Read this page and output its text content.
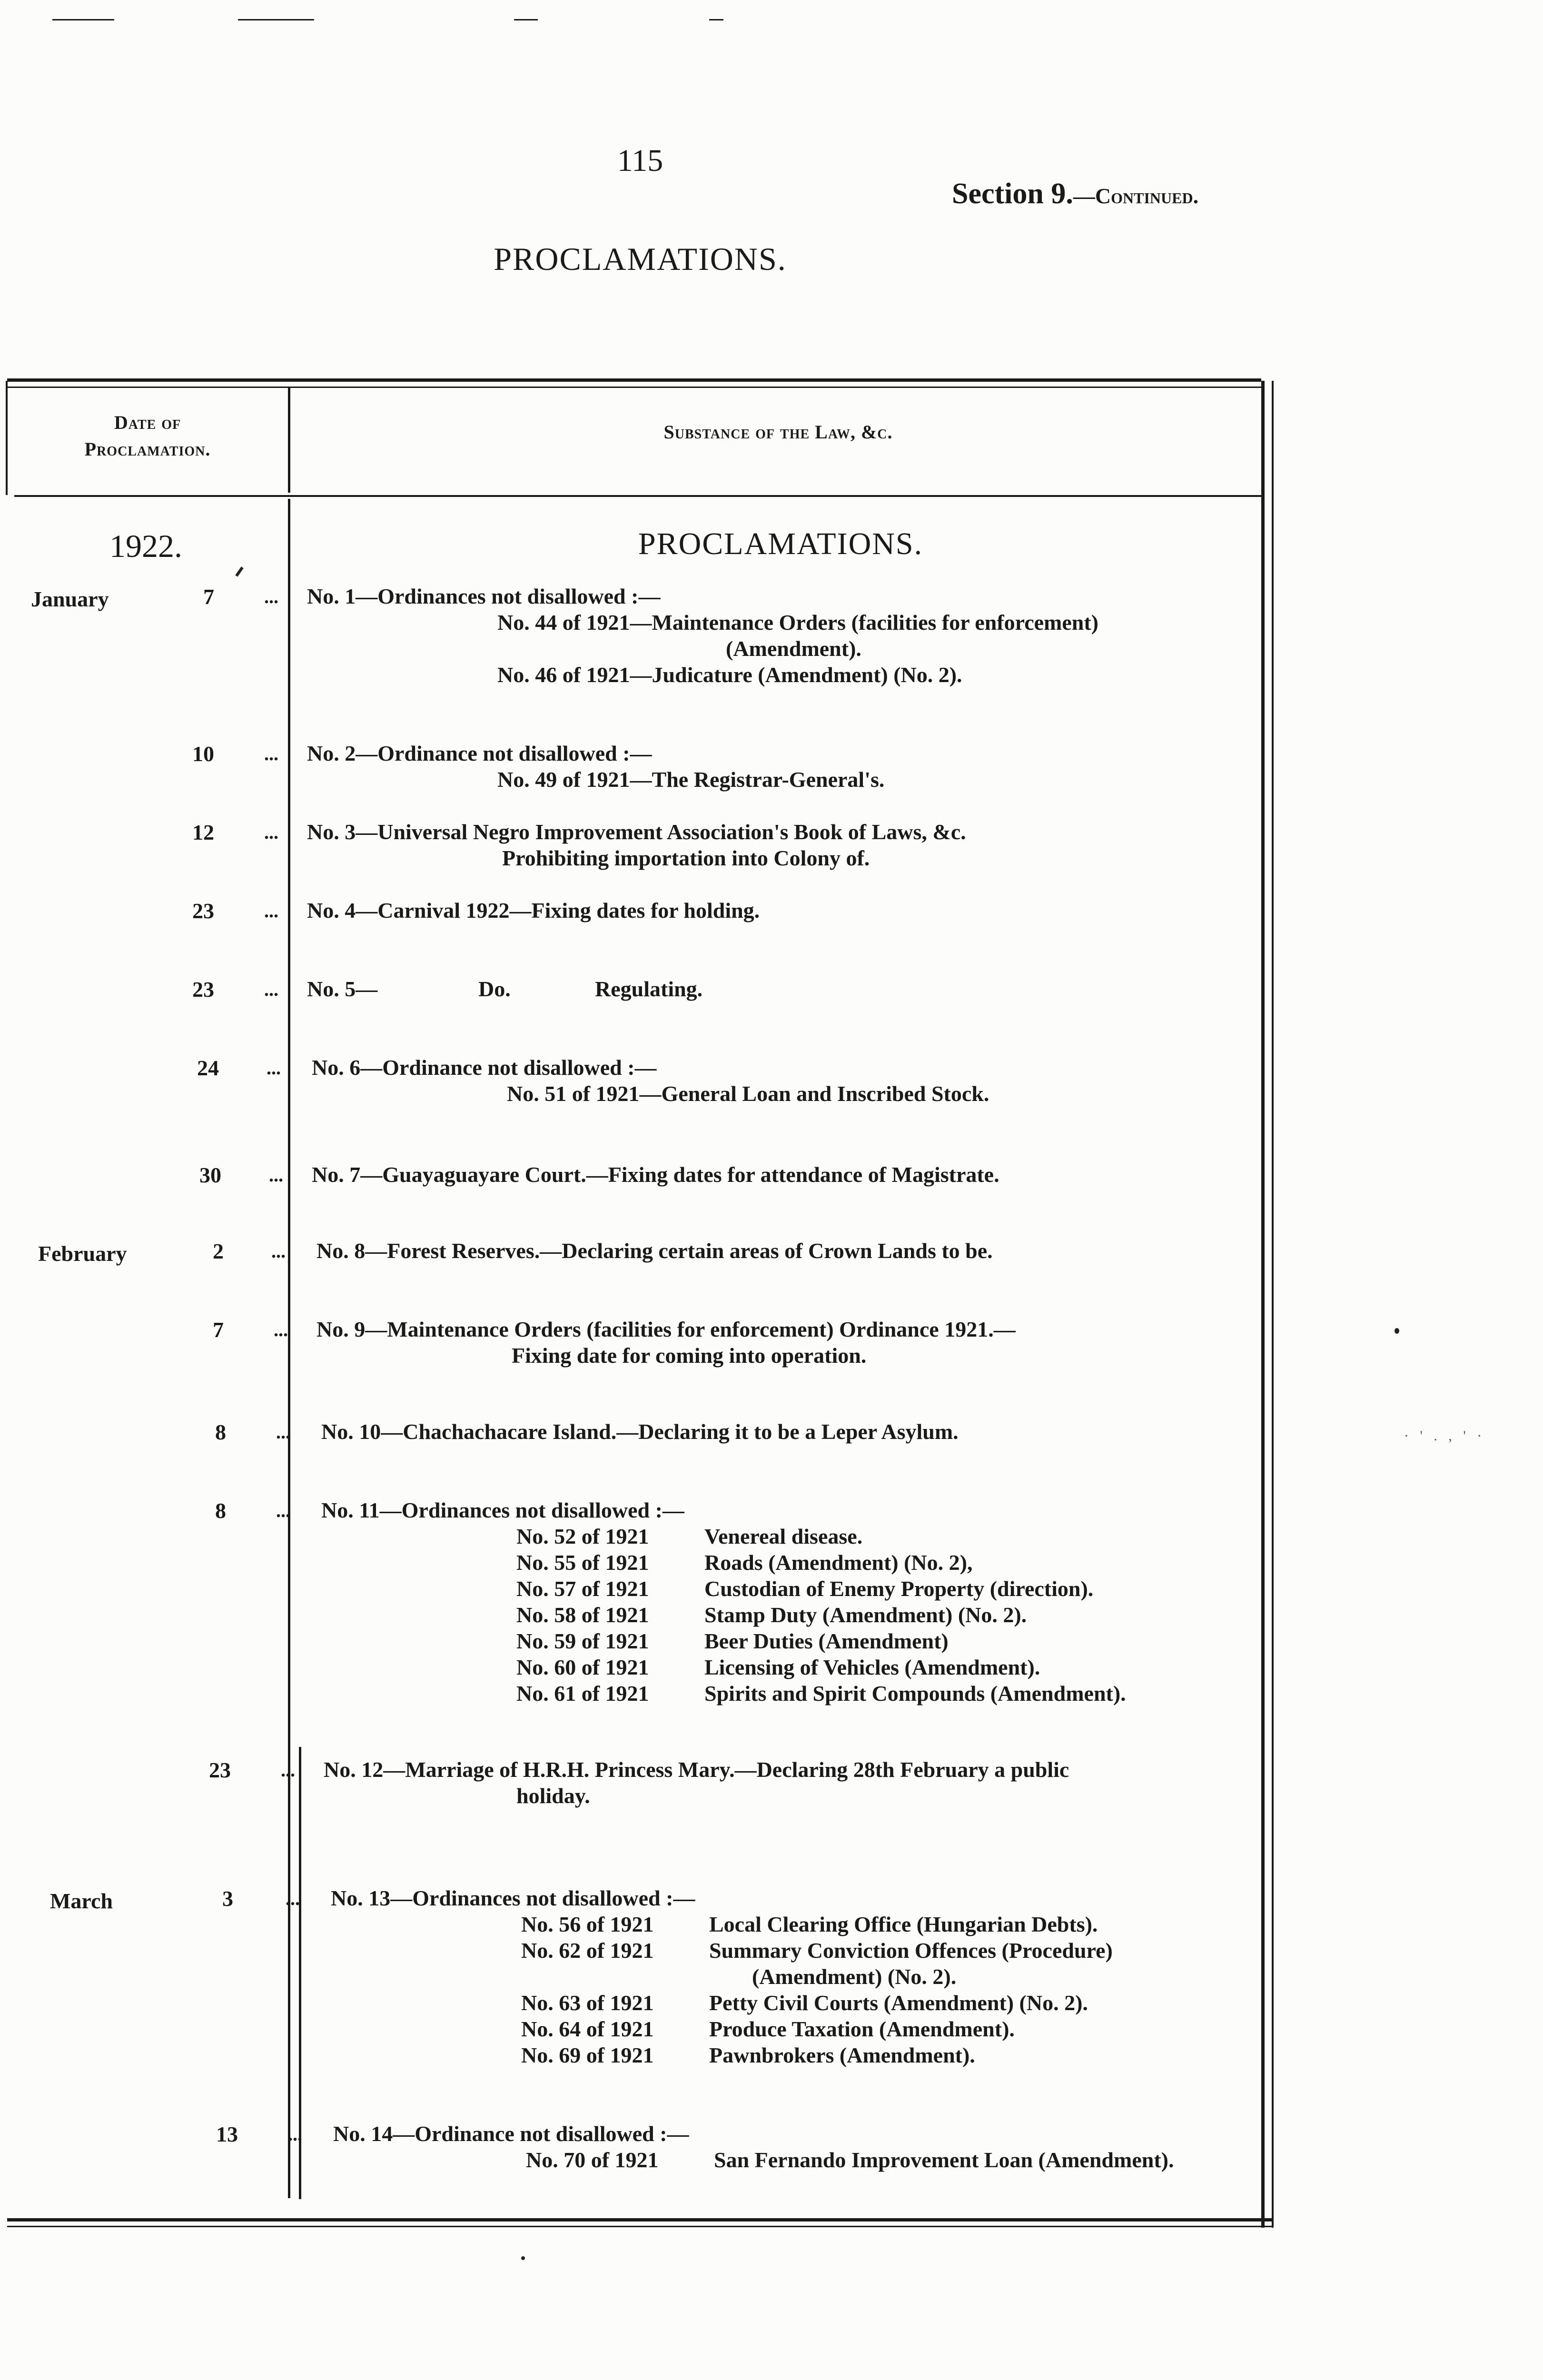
115
Section 9.—Continued.
PROCLAMATIONS.
Date of Proclamation.
Substance of the Law, &c.
1922.	PROCLAMATIONS.
January	7	... No. 1—Ordinances not disallowed :—
No. 44 of 1921—Maintenance Orders (facilities for enforcement)
(Amendment).
No. 46 of 1921—Judicature (Amendment) (No. 2).
10	... No. 2—Ordinance not disallowed :—
No. 49 of 1921—The Registrar-General's.
12	... No. 3—Universal Negro Improvement Association's Book of Laws, &c.
Prohibiting importation into Colony of.
23	... No. 4—Carnival 1922—Fixing dates for holding.
23	... No. 5—	Do.	Regulating.
24	... No. 6—Ordinance not disallowed :—
No. 51 of 1921—General Loan and Inscribed Stock.
30	... No. 7—Guayaguayare Court.—Fixing dates for attendance of Magistrate.
February	2	... No. 8—Forest Reserves.—Declaring certain areas of Crown Lands to be.
7	... No. 9—Maintenance Orders (facilities for enforcement) Ordinance 1921.—
Fixing date for coming into operation.
8	... No. 10—Chachachacare Island.—Declaring it to be a Leper Asylum.
8	... No. 11—Ordinances not disallowed :—
No. 52 of 1921	Venereal disease.
No. 55 of 1921	Roads (Amendment) (No. 2),
No. 57 of 1921	Custodian of Enemy Property (direction).
No. 58 of 1921	Stamp Duty (Amendment) (No. 2).
No. 59 of 1921	Beer Duties (Amendment)
No. 60 of 1921	Licensing of Vehicles (Amendment).
No. 61 of 1921	Spirits and Spirit Compounds (Amendment).
23	... No. 12—Marriage of H.R.H. Princess Mary.—Declaring 28th February a public
holiday.
March	3	... No. 13—Ordinances not disallowed :—
No. 56 of 1921	Local Clearing Office (Hungarian Debts).
No. 62 of 1921	Summary Conviction Offences (Procedure)
(Amendment) (No. 2).
No. 63 of 1921	Petty Civil Courts (Amendment) (No. 2).
No. 64 of 1921	Produce Taxation (Amendment).
No. 69 of 1921	Pawnbrokers (Amendment).
13	... No. 14—Ordinance not disallowed :—
No. 70 of 1921	San Fernando Improvement Loan (Amendment).
· ' . , ' ·
